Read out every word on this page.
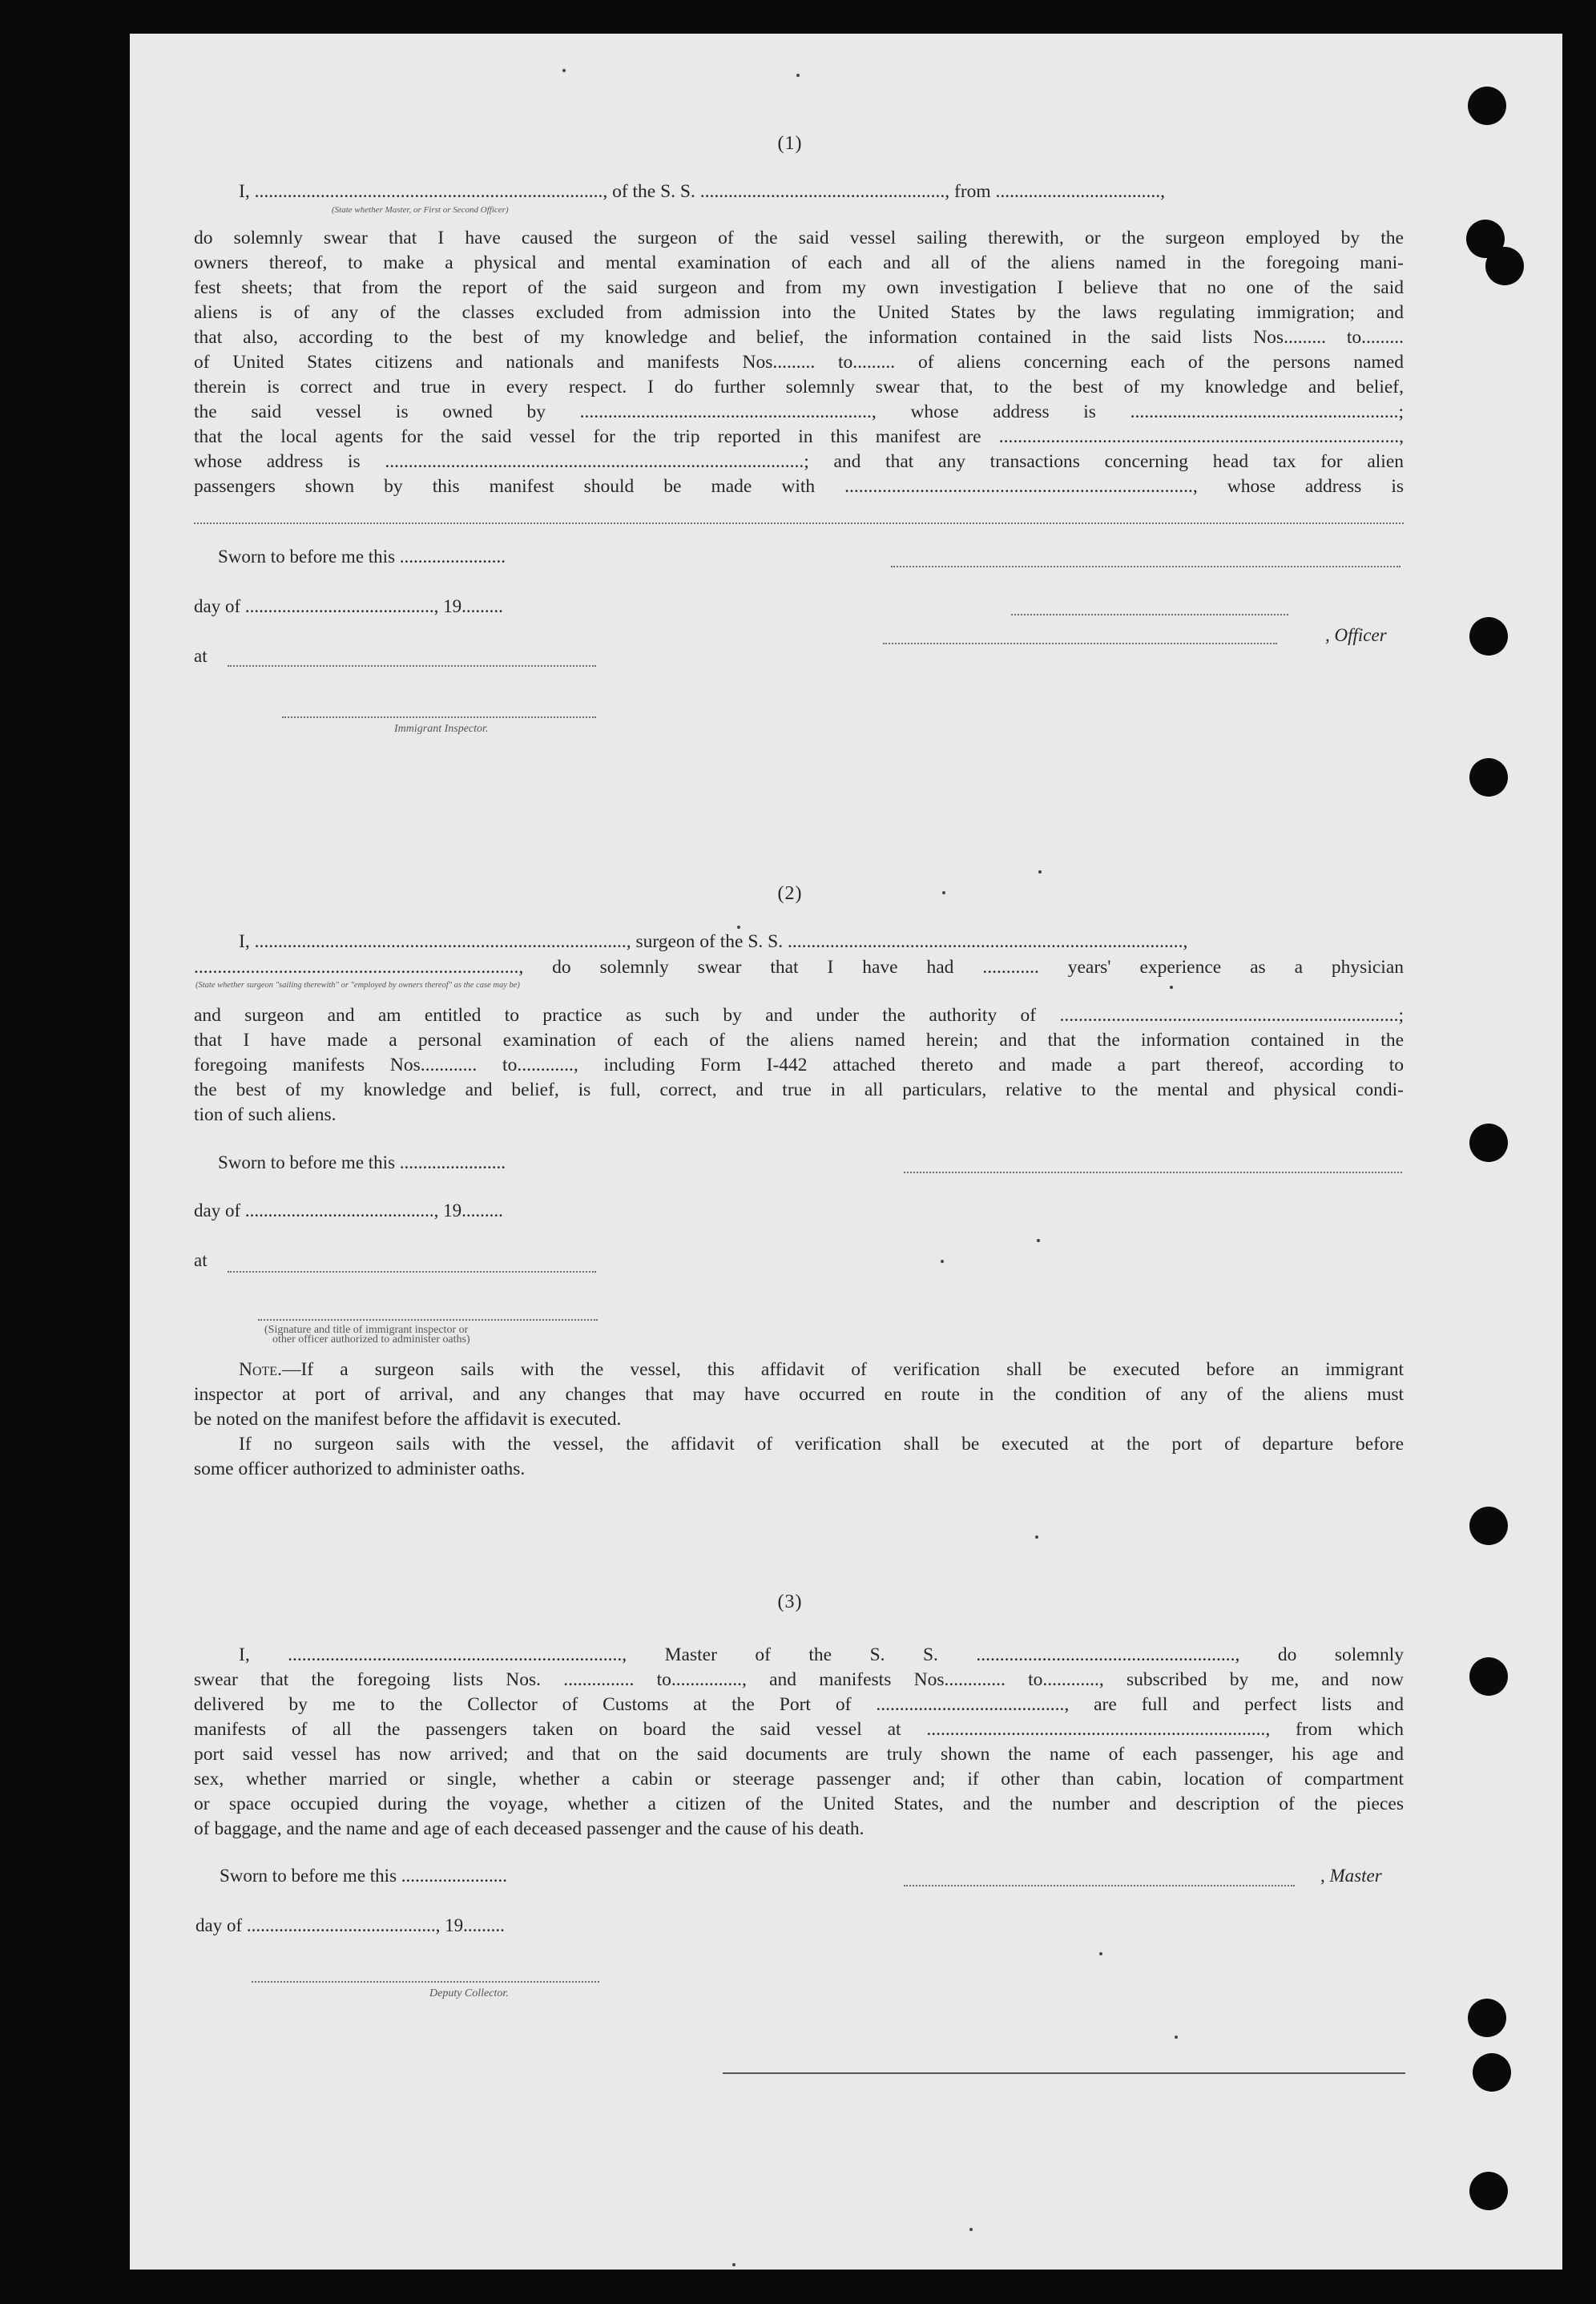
(1)
I, .........................................................................., of the S. S. ...................................................., from ...................................,
(State whether Master, or First or Second Officer)
do solemnly swear that I have caused the surgeon of the said vessel sailing therewith, or the surgeon employed by the
owners thereof, to make a physical and mental examination of each and all of the aliens named in the foregoing mani-
fest sheets; that from the report of the said surgeon and from my own investigation I believe that no one of the said
aliens is of any of the classes excluded from admission into the United States by the laws regulating immigration; and
that also, according to the best of my knowledge and belief, the information contained in the said lists Nos......... to.........
of United States citizens and nationals and manifests Nos......... to......... of aliens concerning each of the persons named
therein is correct and true in every respect. I do further solemnly swear that, to the best of my knowledge and belief,
the said vessel is owned by .............................................................., whose address is .........................................................;
that the local agents for the said vessel for the trip reported in this manifest are .....................................................................................,
whose address is .........................................................................................; and that any transactions concerning head tax for alien
passengers shown by this manifest should be made with .........................................................................., whose address is
Sworn to before me this .......................
day of ........................................., 19.........
at
, Officer
Immigrant Inspector.
(2)
I, ..............................................................................., surgeon of the S. S. ....................................................................................,
....................................................................., do solemnly swear that I have had ............ years' experience as a physician
(State whether surgeon "sailing therewith" or "employed by owners thereof" as the case may be)
and surgeon and am entitled to practice as such by and under the authority of ........................................................................;
that I have made a personal examination of each of the aliens named herein; and that the information contained in the
foregoing manifests Nos............ to............, including Form I-442 attached thereto and made a part thereof, according to
the best of my knowledge and belief, is full, correct, and true in all particulars, relative to the mental and physical condi-
tion of such aliens.
Sworn to before me this .......................
day of ........................................., 19.........
at
(Signature and title of immigrant inspector or
other officer authorized to administer oaths)
Note.—If a surgeon sails with the vessel, this affidavit of verification shall be executed before an immigrant
inspector at port of arrival, and any changes that may have occurred en route in the condition of any of the aliens must
be noted on the manifest before the affidavit is executed.
If no surgeon sails with the vessel, the affidavit of verification shall be executed at the port of departure before
some officer authorized to administer oaths.
(3)
I, ......................................................................., Master of the S. S. ......................................................., do solemnly
swear that the foregoing lists Nos. ............... to..............., and manifests Nos............. to............, subscribed by me, and now
delivered by me to the Collector of Customs at the Port of ........................................, are full and perfect lists and
manifests of all the passengers taken on board the said vessel at ........................................................................, from which
port said vessel has now arrived; and that on the said documents are truly shown the name of each passenger, his age and
sex, whether married or single, whether a cabin or steerage passenger and; if other than cabin, location of compartment
or space occupied during the voyage, whether a citizen of the United States, and the number and description of the pieces
of baggage, and the name and age of each deceased passenger and the cause of his death.
Sworn to before me this .......................	, Master
day of ........................................., 19.........
Deputy Collector.
